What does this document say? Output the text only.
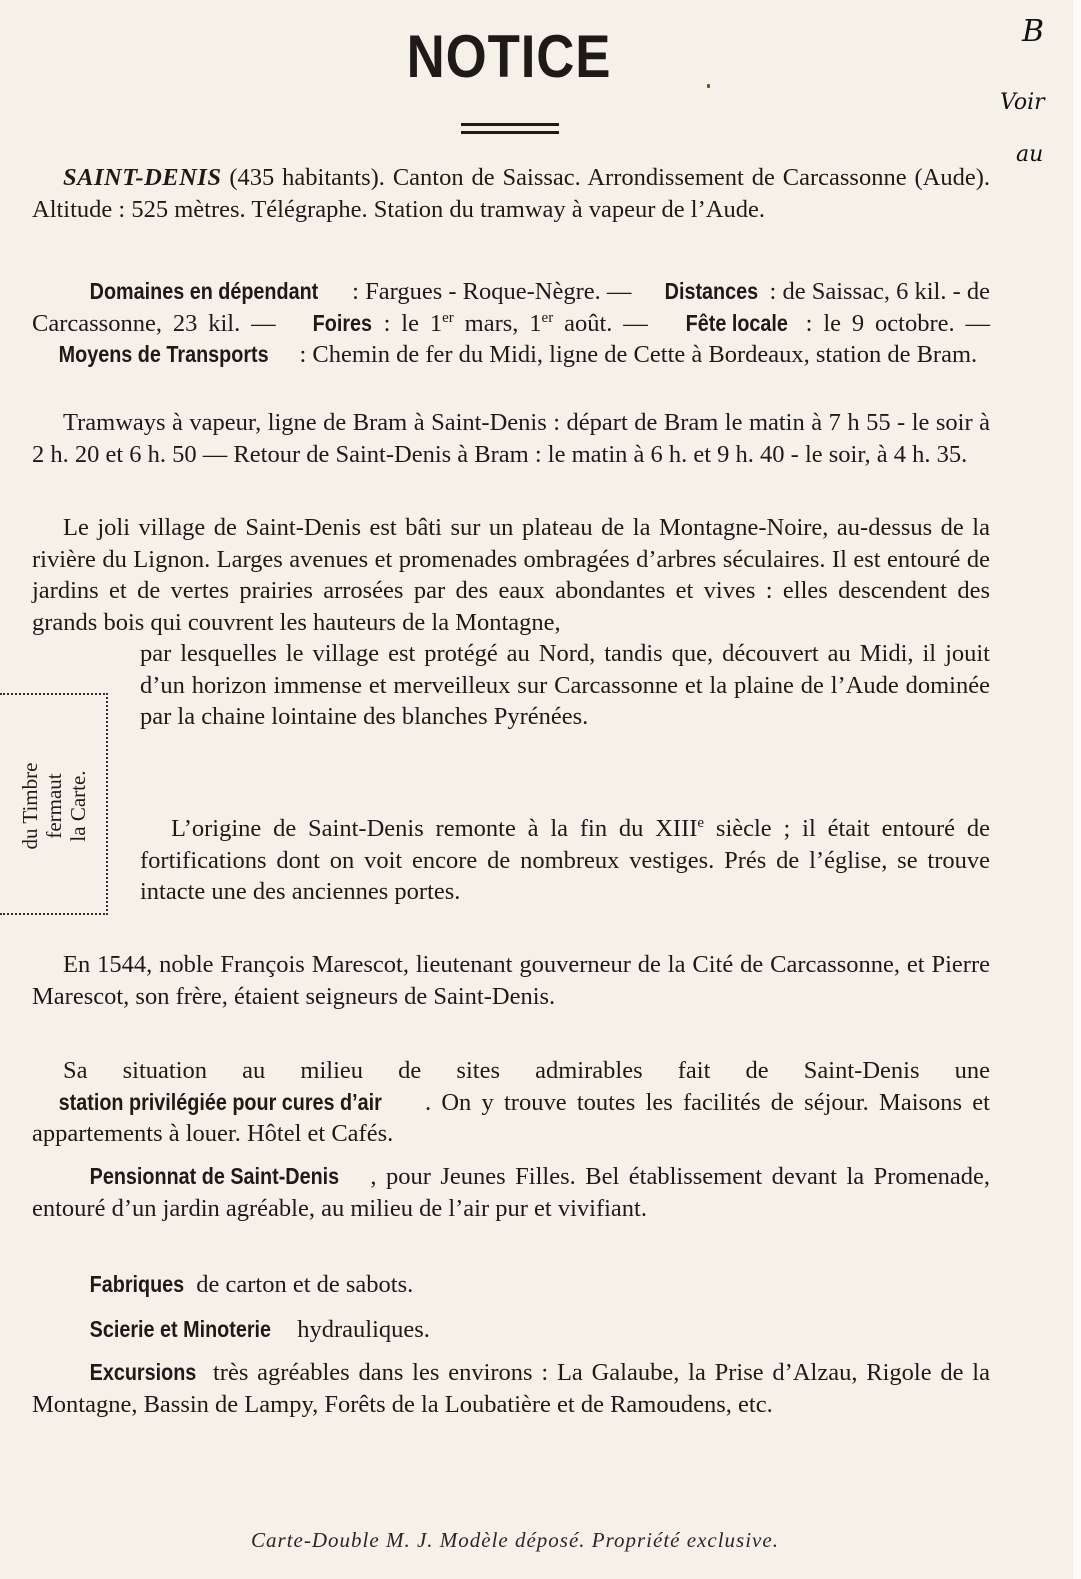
NOTICE	B
Voir
au

SAINT-DENIS (435 habitants). Canton de Saissac. Arrondissement de Carcassonne (Aude). Altitude : 525 mètres. Télégraphe. Station du tramway à vapeur de l’Aude.

Domaines en dépendant : Fargues - Roque-Nègre. — Distances : de Saissac, 6 kil. - de Carcassonne, 23 kil. — Foires : le 1er mars, 1er août. — Fête locale : le 9 octobre. — Moyens de Transports : Chemin de fer du Midi, ligne de Cette à Bordeaux, station de Bram.

Tramways à vapeur, ligne de Bram à Saint-Denis : départ de Bram le matin à 7 h 55 - le soir à 2 h. 20 et 6 h. 50 — Retour de Saint-Denis à Bram : le matin à 6 h. et 9 h. 40 - le soir, à 4 h. 35.

Le joli village de Saint-Denis est bâti sur un plateau de la Montagne-Noire, au-dessus de la rivière du Lignon. Larges avenues et promenades ombragées d’arbres séculaires. Il est entouré de jardins et de vertes prairies arrosées par des eaux abondantes et vives : elles descendent des grands bois qui couvrent les hauteurs de la Montagne,

par lesquelles le village est protégé au Nord, tandis que, découvert au Midi, il jouit d’un horizon immense et merveilleux sur Carcassonne et la plaine de l’Aude dominée par la chaine lointaine des blanches Pyrénées.

L’origine de Saint-Denis remonte à la fin du XIIIe siècle ; il était entouré de fortifications dont on voit encore de nombreux vestiges. Prés de l’église, se trouve intacte une des anciennes portes.

En 1544, noble François Marescot, lieutenant gouverneur de la Cité de Carcassonne, et Pierre Marescot, son frère, étaient seigneurs de Saint-Denis.

Sa situation au milieu de sites admirables fait de Saint-Denis une station privilégiée pour cures d’air . On y trouve toutes les facilités de séjour. Maisons et appartements à louer. Hôtel et Cafés.

Pensionnat de Saint-Denis , pour Jeunes Filles. Bel établissement devant la Promenade, entouré d’un jardin agréable, au milieu de l’air pur et vivifiant.

Fabriques de carton et de sabots.

Scierie et Minoterie hydrauliques.

Excursions très agréables dans les environs : La Galaube, la Prise d’Alzau, Rigole de la Montagne, Bassin de Lampy, Forêts de la Loubatière et de Ramoudens, etc.

du Timbre fermaut la Carte.
Carte-Double M. J. Modèle déposé. Propriété exclusive.
